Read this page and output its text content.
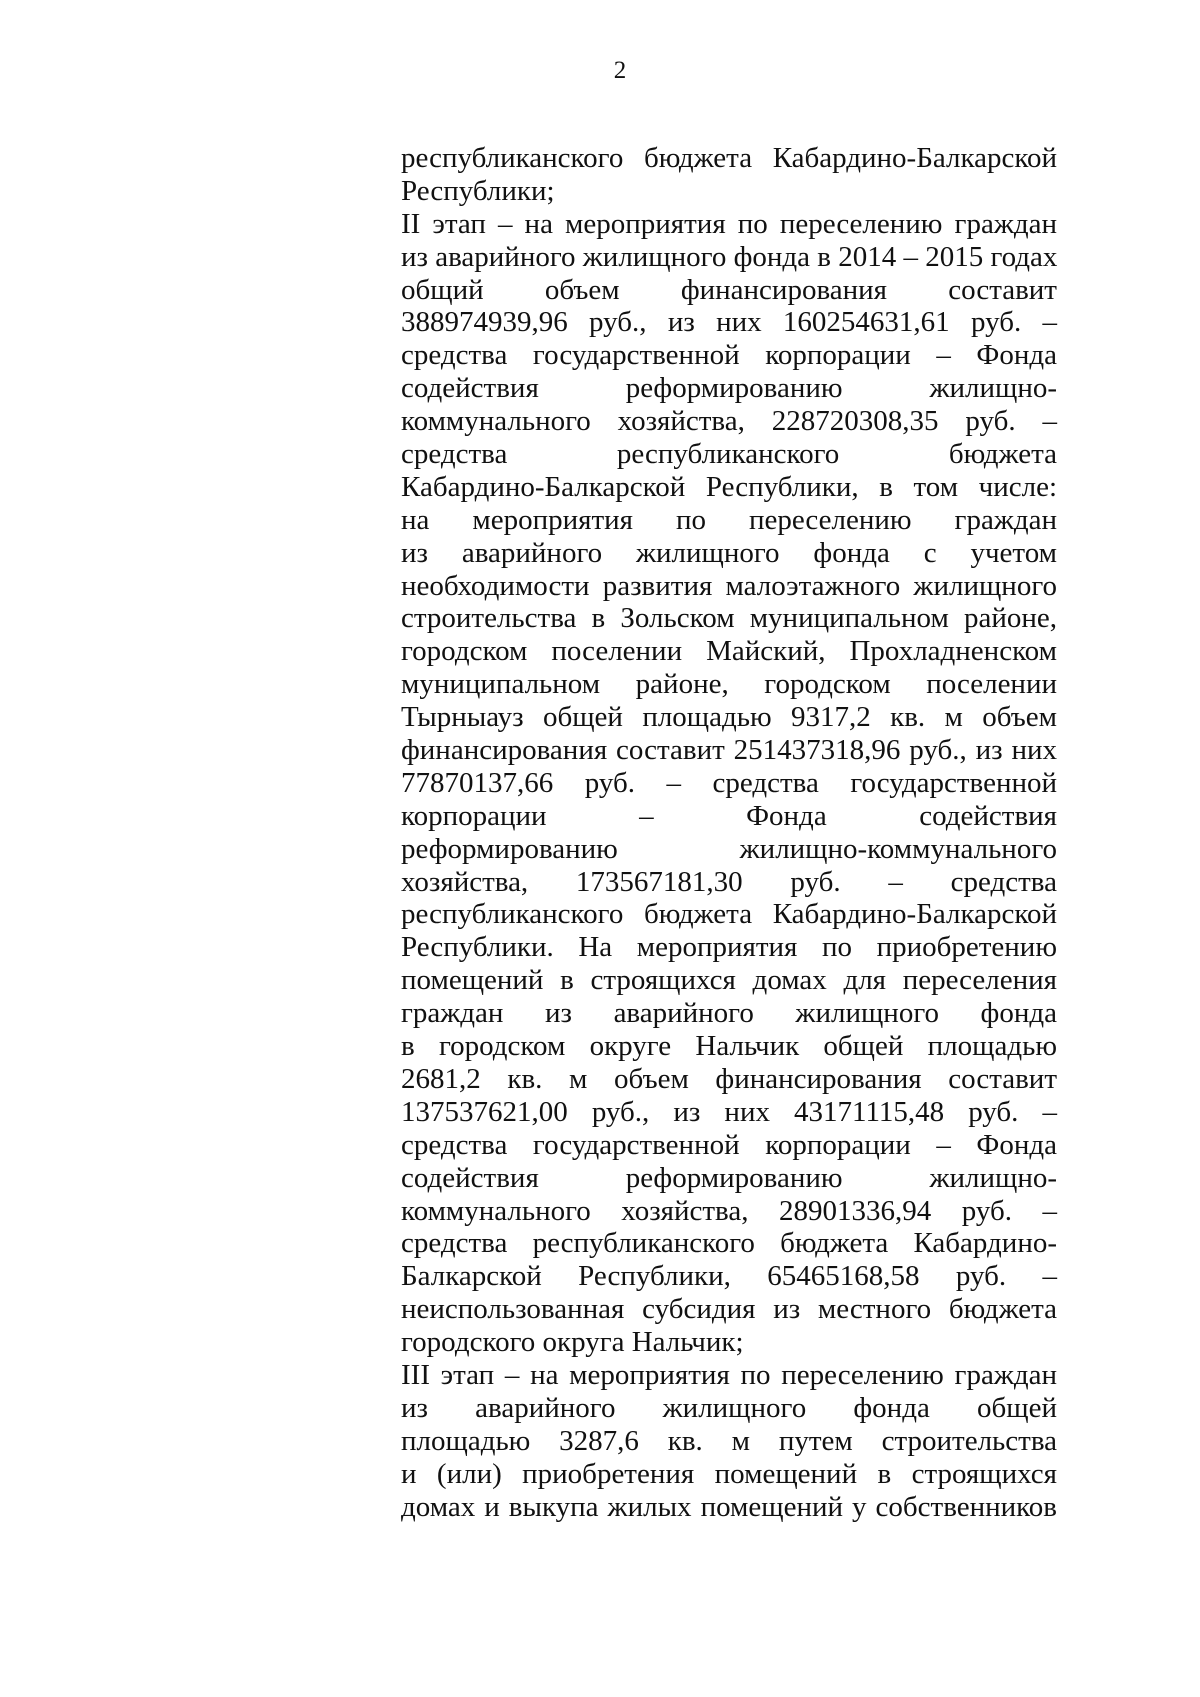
2
республиканского бюджета Кабардино-Балкарской
Республики;
II этап – на мероприятия по переселению граждан
из аварийного жилищного фонда в 2014 – 2015 годах
общий объем финансирования составит
388974939,96 руб., из них 160254631,61 руб. –
средства государственной корпорации – Фонда
содействия реформированию жилищно-
коммунального хозяйства, 228720308,35 руб. –
средства республиканского бюджета
Кабардино-Балкарской Республики, в том числе:
на мероприятия по переселению граждан
из аварийного жилищного фонда с учетом
необходимости развития малоэтажного жилищного
строительства в Зольском муниципальном районе,
городском поселении Майский, Прохладненском
муниципальном районе, городском поселении
Тырныауз общей площадью 9317,2 кв. м объем
финансирования составит 251437318,96 руб., из них
77870137,66 руб. – средства государственной
корпорации – Фонда содействия
реформированию жилищно-коммунального
хозяйства, 173567181,30 руб. – средства
республиканского бюджета Кабардино-Балкарской
Республики. На мероприятия по приобретению
помещений в строящихся домах для переселения
граждан из аварийного жилищного фонда
в городском округе Нальчик общей площадью
2681,2 кв. м объем финансирования составит
137537621,00 руб., из них 43171115,48 руб. –
средства государственной корпорации – Фонда
содействия реформированию жилищно-
коммунального хозяйства, 28901336,94 руб. –
средства республиканского бюджета Кабардино-
Балкарской Республики, 65465168,58 руб. –
неиспользованная субсидия из местного бюджета
городского округа Нальчик;
III этап – на мероприятия по переселению граждан
из аварийного жилищного фонда общей
площадью 3287,6 кв. м путем строительства
и (или) приобретения помещений в строящихся
домах и выкупа жилых помещений у собственников
